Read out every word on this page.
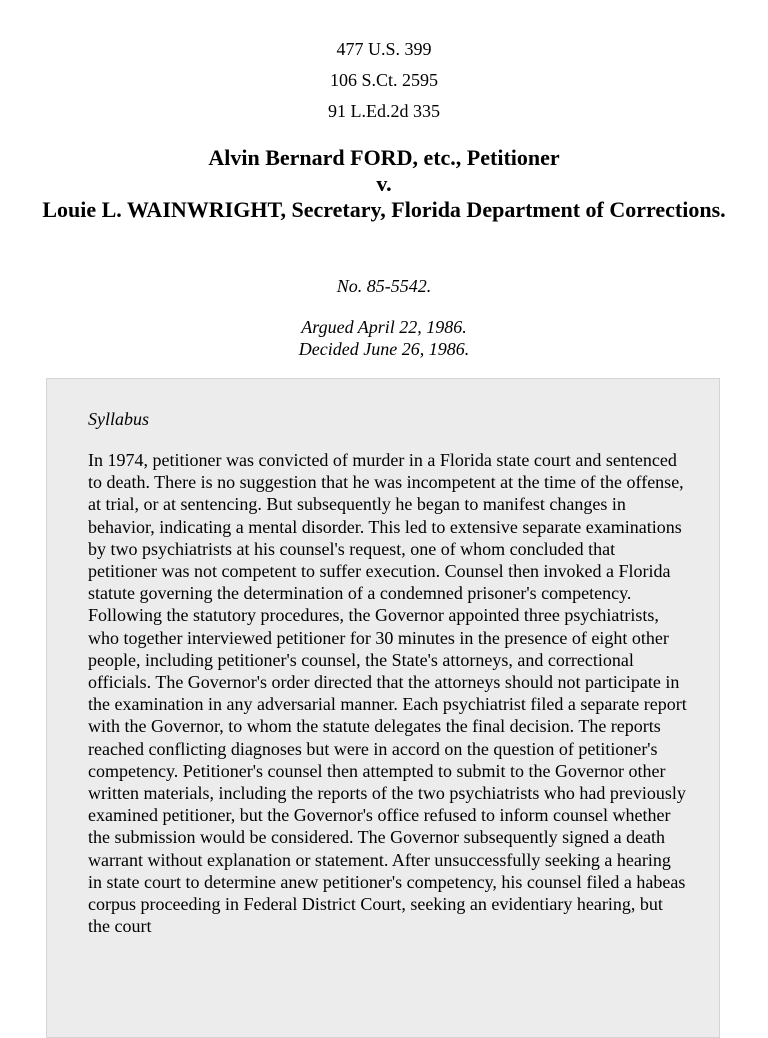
477 U.S. 399
106 S.Ct. 2595
91 L.Ed.2d 335
Alvin Bernard FORD, etc., Petitioner
v.
Louie L. WAINWRIGHT, Secretary, Florida Department of Corrections.
No. 85-5542.
Argued April 22, 1986.
Decided June 26, 1986.
Syllabus

In 1974, petitioner was convicted of murder in a Florida state court and sentenced to death. There is no suggestion that he was incompetent at the time of the offense, at trial, or at sentencing. But subsequently he began to manifest changes in behavior, indicating a mental disorder. This led to extensive separate examinations by two psychiatrists at his counsel's request, one of whom concluded that petitioner was not competent to suffer execution. Counsel then invoked a Florida statute governing the determination of a condemned prisoner's competency. Following the statutory procedures, the Governor appointed three psychiatrists, who together interviewed petitioner for 30 minutes in the presence of eight other people, including petitioner's counsel, the State's attorneys, and correctional officials. The Governor's order directed that the attorneys should not participate in the examination in any adversarial manner. Each psychiatrist filed a separate report with the Governor, to whom the statute delegates the final decision. The reports reached conflicting diagnoses but were in accord on the question of petitioner's competency. Petitioner's counsel then attempted to submit to the Governor other written materials, including the reports of the two psychiatrists who had previously examined petitioner, but the Governor's office refused to inform counsel whether the submission would be considered. The Governor subsequently signed a death warrant without explanation or statement. After unsuccessfully seeking a hearing in state court to determine anew petitioner's competency, his counsel filed a habeas corpus proceeding in Federal District Court, seeking an evidentiary hearing, but the court
